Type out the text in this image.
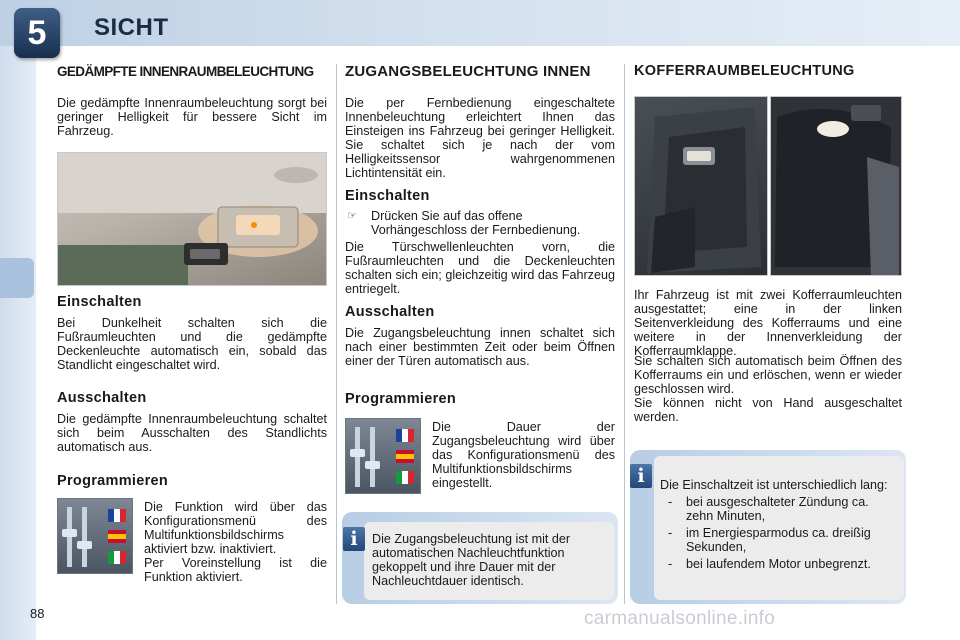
5	SICHT
GEDÄMPFTE INNENRAUMBELEUCHTUNG
Die gedämpfte Innenraumbeleuchtung sorgt bei geringer Helligkeit für bessere Sicht im Fahrzeug.
Einschalten
Bei Dunkelheit schalten sich die Fußraumleuchten und die gedämpfte Deckenleuchte automatisch ein, sobald das Standlicht eingeschaltet wird.
Ausschalten
Die gedämpfte Innenraumbeleuchtung schaltet sich beim Ausschalten des Standlichts automatisch aus.
Programmieren
Die Funktion wird über das Konfigurationsmenü des Multifunktionsbildschirms aktiviert bzw. inaktiviert.
Per Voreinstellung ist die Funktion aktiviert.
ZUGANGSBELEUCHTUNG INNEN
Die per Fernbedienung eingeschaltete Innenbeleuchtung erleichtert Ihnen das Einsteigen ins Fahrzeug bei geringer Helligkeit. Sie schaltet sich je nach der vom Helligkeitssensor wahrgenommenen Lichtintensität ein.
Einschalten
☞	Drücken Sie auf das offene Vorhängeschloss der Fernbedienung.
Die Türschwellenleuchten vorn, die Fußraumleuchten und die Deckenleuchten schalten sich ein; gleichzeitig wird das Fahrzeug entriegelt.
Ausschalten
Die Zugangsbeleuchtung innen schaltet sich nach einer bestimmten Zeit oder beim Öffnen einer der Türen automatisch aus.
Programmieren
Die Dauer der Zugangsbeleuchtung wird über das Konfigurationsmenü des Multifunktionsbildschirms eingestellt.
Die Zugangsbeleuchtung ist mit der automatischen Nachleuchtfunktion gekoppelt und ihre Dauer mit der Nachleuchtdauer identisch.
i
KOFFERRAUMBELEUCHTUNG
Ihr Fahrzeug ist mit zwei Kofferraumleuchten ausgestattet; eine in der linken Seitenverkleidung des Kofferraums und eine weitere in der Innenverkleidung der Kofferraumklappe.
Sie schalten sich automatisch beim Öffnen des Kofferraums ein und erlöschen, wenn er wieder geschlossen wird.
Sie können nicht von Hand ausgeschaltet werden.
Die Einschaltzeit ist unterschiedlich lang:
-	bei ausgeschalteter Zündung ca. zehn Minuten,
-	im Energiesparmodus ca. dreißig Sekunden,
-	bei laufendem Motor unbegrenzt.
i
88	carmanualsonline.info
